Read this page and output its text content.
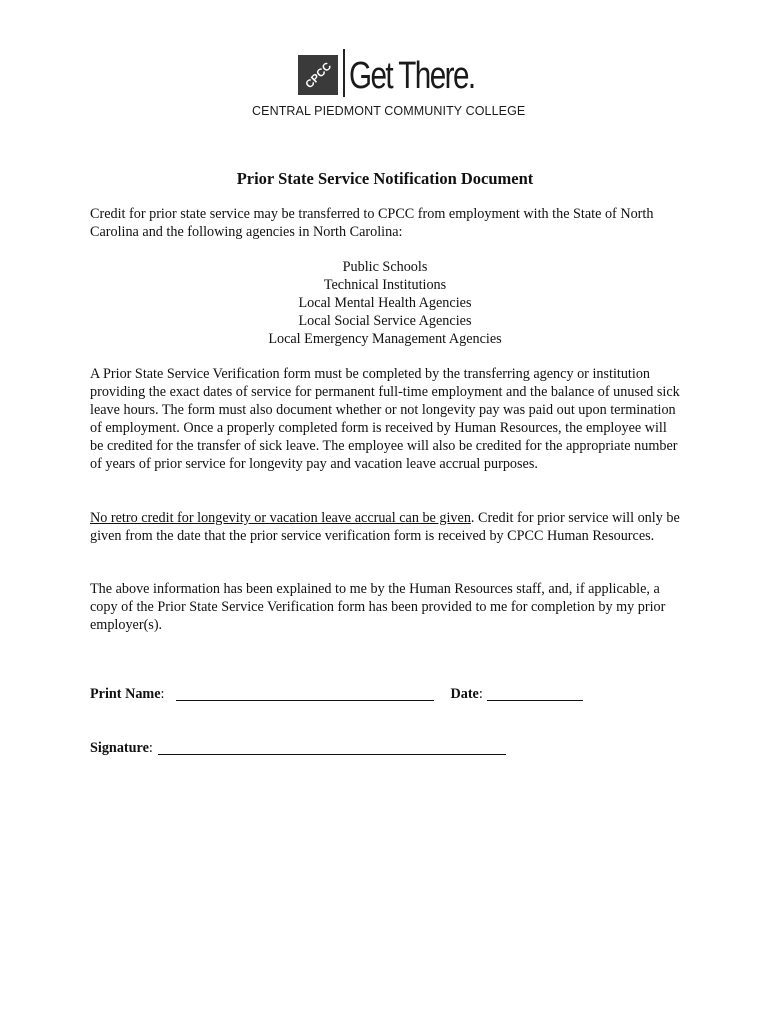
CPCC Get There.
CENTRAL PIEDMONT COMMUNITY COLLEGE
Prior State Service Notification Document
Credit for prior state service may be transferred to CPCC from employment with the State of North Carolina and the following agencies in North Carolina:
Public Schools
Technical Institutions
Local Mental Health Agencies
Local Social Service Agencies
Local Emergency Management Agencies
A Prior State Service Verification form must be completed by the transferring agency or institution providing the exact dates of service for permanent full-time employment and the balance of unused sick leave hours. The form must also document whether or not longevity pay was paid out upon termination of employment. Once a properly completed form is received by Human Resources, the employee will be credited for the transfer of sick leave. The employee will also be credited for the appropriate number of years of prior service for longevity pay and vacation leave accrual purposes.
No retro credit for longevity or vacation leave accrual can be given. Credit for prior service will only be given from the date that the prior service verification form is received by CPCC Human Resources.
The above information has been explained to me by the Human Resources staff, and, if applicable, a copy of the Prior State Service Verification form has been provided to me for completion by my prior employer(s).
Print Name :	Date :
Signature :
